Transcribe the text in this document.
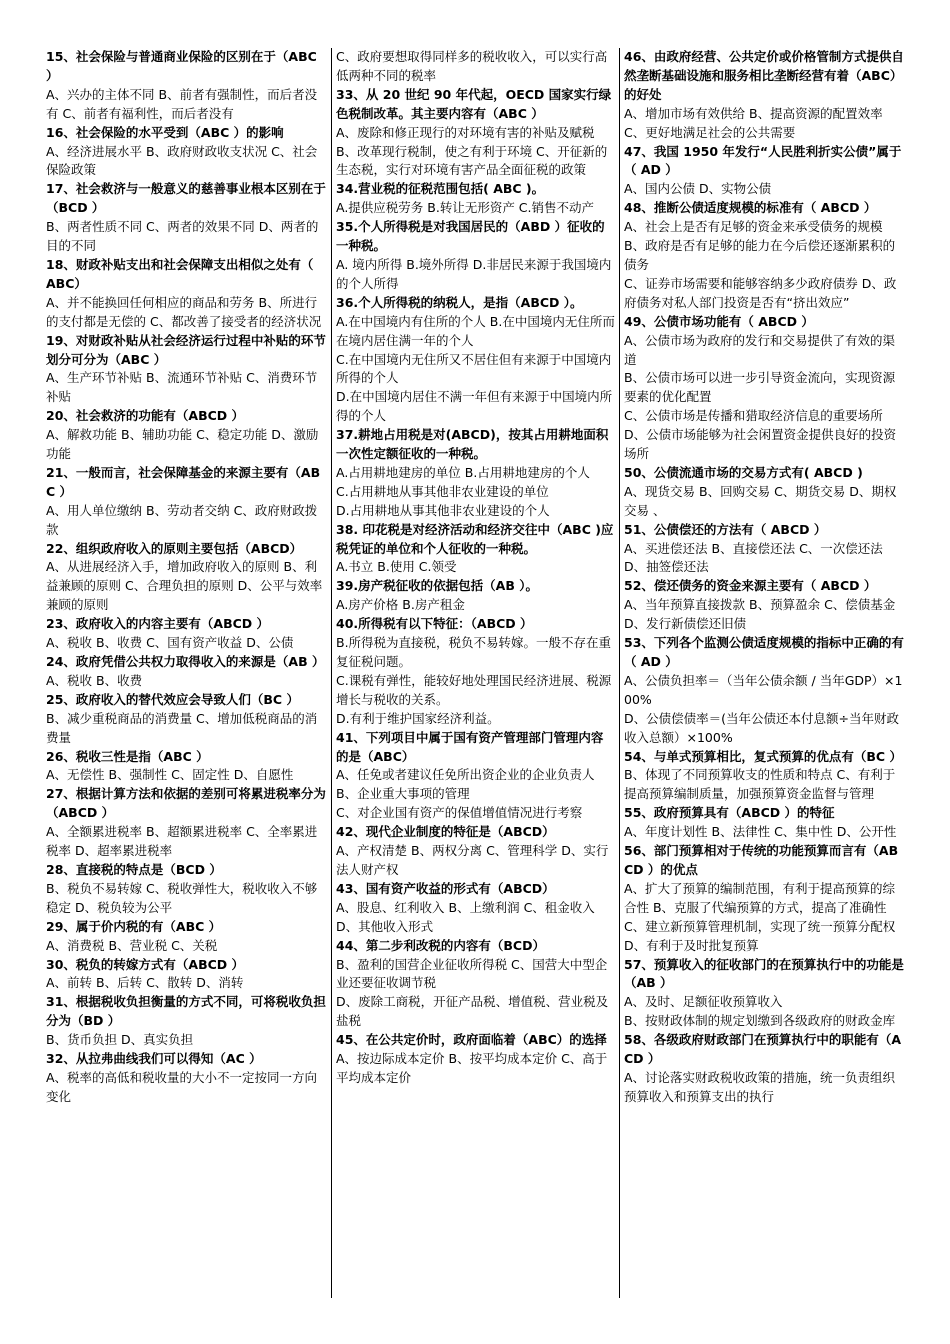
15、社会保险与普通商业保险的区别在于（ABC ）

A、兴办的主体不同 B、前者有强制性，而后者没有 C、前者有福利性，而后者没有

16、社会保险的水平受到（ABC ）的影响

A、经济进展水平 B、政府财政收支状况 C、社会保险政策

17、社会救济与一般意义的慈善事业根本区别在于（BCD ）

B、两者性质不同 C、两者的效果不同 D、两者的目的不同

18、财政补贴支出和社会保障支出相似之处有（ ABC）

A、并不能换回任何相应的商品和劳务 B、所进行的支付都是无偿的 C、都改善了接受者的经济状况

19、对财政补贴从社会经济运行过程中补贴的环节划分可分为（ABC ）

A、生产环节补贴 B、流通环节补贴 C、消费环节补贴

20、社会救济的功能有（ABCD ）

A、解救功能 B、辅助功能 C、稳定功能 D、激励功能

21、一般而言，社会保障基金的来源主要有（ABC ）

A、用人单位缴纳 B、劳动者交纳 C、政府财政拨款

22、组织政府收入的原则主要包括（ABCD）

A、从进展经济入手，增加政府收入的原则 B、利益兼顾的原则 C、合理负担的原则 D、公平与效率兼顾的原则

23、政府收入的内容主要有（ABCD ）

A、税收 B、收费 C、国有资产收益 D、公债

24、政府凭借公共权力取得收入的来源是（AB ）

A、税收 B、收费

25、政府收入的替代效应会导致人们（BC ）

B、减少重税商品的消费量 C、增加低税商品的消费量

26、税收三性是指（ABC ）

A、无偿性 B、强制性 C、固定性 D、自愿性

27、根据计算方法和依据的差别可将累进税率分为（ABCD ）

A、全额累进税率 B、超额累进税率 C、全率累进税率 D、超率累进税率

28、直接税的特点是（BCD ）

B、税负不易转嫁 C、税收弹性大，税收收入不够稳定 D、税负较为公平

29、属于价内税的有（ABC ）

A、消费税 B、营业税 C、关税

30、税负的转嫁方式有（ABCD ）

A、前转 B、后转 C、散转 D、消转

31、根据税收负担衡量的方式不同，可将税收负担分为（BD ）

B、货币负担 D、真实负担

32、从拉弗曲线我们可以得知（AC ）

A、税率的高低和税收量的大小不一定按同一方向变化

C、政府要想取得同样多的税收收入，可以实行高低两种不同的税率

33、从 20 世纪 90 年代起，OECD 国家实行绿色税制改革。其主要内容有（ABC ）

A、废除和修正现行的对环境有害的补贴及赋税 B、改革现行税制，使之有利于环境 C、开征新的生态税，实行对环境有害产品全面征税的政策

34.营业税的征税范围包括( ABC )。

A.提供应税劳务 B.转让无形资产 C.销售不动产

35.个人所得税是对我国居民的（ABD ）征收的一种税。

A. 境内所得 B.境外所得 D.非居民来源于我国境内的个人所得

36.个人所得税的纳税人，是指（ABCD ）。

A.在中国境内有住所的个人 B.在中国境内无住所而在境内居住满一年的个人

C.在中国境内无住所又不居住但有来源于中国境内所得的个人

D.在中国境内居住不满一年但有来源于中国境内所得的个人

37.耕地占用税是对(ABCD)，按其占用耕地面积一次性定额征收的一种税。

A.占用耕地建房的单位 B.占用耕地建房的个人

C.占用耕地从事其他非农业建设的单位

D.占用耕地从事其他非农业建设的个人

38. 印花税是对经济活动和经济交往中（ABC )应税凭证的单位和个人征收的一种税。

A.书立 B.使用 C.领受

39.房产税征收的依据包括（AB ）。

A.房产价格 B.房产租金

40.所得税有以下特征：（ABCD ）

B.所得税为直接税，税负不易转嫁。一般不存在重复征税问题。

C.课税有弹性，能较好地处理国民经济进展、税源增长与税收的关系。

D.有利于维护国家经济利益。

41、下列项目中属于国有资产管理部门管理内容的是（ABC）

A、任免或者建议任免所出资企业的企业负责人

B、企业重大事项的管理

C、对企业国有资产的保值增值情况进行考察

42、现代企业制度的特征是（ABCD）

A、产权清楚 B、两权分离 C、管理科学 D、实行法人财产权

43、国有资产收益的形式有（ABCD）

A、股息、红利收入 B、上缴利润 C、租金收入 D、其他收入形式

44、第二步利改税的内容有（BCD）

B、盈利的国营企业征收所得税 C、国营大中型企业还要征收调节税

D、废除工商税，开征产品税、增值税、营业税及盐税

45、在公共定价时，政府面临着（ABC）的选择

A、按边际成本定价 B、按平均成本定价 C、高于平均成本定价

46、由政府经营、公共定价或价格管制方式提供自然垄断基础设施和服务相比垄断经营有着（ABC）的好处

A、增加市场有效供给 B、提高资源的配置效率 C、更好地满足社会的公共需要

47、我国 1950 年发行“人民胜利折实公债”属于（ AD ）

A、国内公债 D、实物公债

48、推断公债适度规模的标准有（ ABCD ）

A、社会上是否有足够的资金来承受债务的规模 B、政府是否有足够的能力在今后偿还逐渐累积的债务

C、证券市场需要和能够容纳多少政府债券 D、政府债务对私人部门投资是否有“挤出效应”

49、公债市场功能有（ ABCD ）

A、公债市场为政府的发行和交易提供了有效的渠道

B、公债市场可以进一步引导资金流向，实现资源要素的优化配置

C、公债市场是传播和猎取经济信息的重要场所 D、公债市场能够为社会闲置资金提供良好的投资场所

50、公债流通市场的交易方式有( ABCD )

A、现货交易 B、回购交易 C、期货交易 D、期权交易 、

51、公债偿还的方法有（ ABCD ）

A、买进偿还法 B、直接偿还法 C、一次偿还法 D、抽签偿还法

52、偿还债务的资金来源主要有（ ABCD ）

A、当年预算直接拨款 B、预算盈余 C、偿债基金 D、发行新债偿还旧债

53、下列各个监测公债适度规模的指标中正确的有（ AD ）

A、公债负担率＝（当年公债余额 / 当年GDP）×100%

D、公债偿债率＝(当年公债还本付息额÷当年财政收入总额）×100%

54、与单式预算相比，复式预算的优点有（BC ）

B、体现了不同预算收支的性质和特点 C、有利于提高预算编制质量，加强预算资金监督与管理

55、政府预算具有（ABCD ）的特征

A、年度计划性 B、法律性 C、集中性 D、公开性

56、部门预算相对于传统的功能预算而言有（ABCD ）的优点

A、扩大了预算的编制范围，有利于提高预算的综合性 B、克服了代编预算的方式，提高了准确性

C、建立新预算管理机制，实现了统一预算分配权 D、有利于及时批复预算

57、预算收入的征收部门的在预算执行中的功能是（AB ）

A、及时、足额征收预算收入

B、按财政体制的规定划缴到各级政府的财政金库

58、各级政府财政部门在预算执行中的职能有（ACD ）

A、讨论落实财政税收政策的措施，统一负责组织预算收入和预算支出的执行
